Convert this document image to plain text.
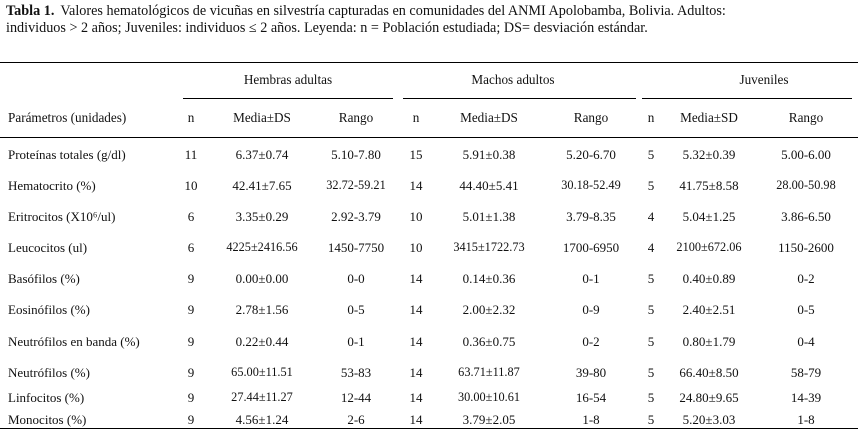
Tabla 1. Valores hematológicos de vicuñas en silvestría capturadas en comunidades del ANMI Apolobamba, Bolivia. Adultos:
individuos > 2 años; Juveniles: individuos ≤ 2 años. Leyenda: n = Población estudiada; DS= desviación estándar.
Hembras adultas	Machos adultos	Juveniles
Parámetros (unidades)	n	Media±DS	Rango	n	Media±DS	Rango	n Media±SD	Rango
Proteínas totales (g/dl)	11	6.37±0.74	5.10-7.80 15	5.91±0.38	5.20-6.70 5 5.32±0.39	5.00-6.00
Hematocrito (%)	10	42.41±7.65	32.72-59.21 14	44.40±5.41	30.18-52.49 5 41.75±8.58	28.00-50.98
Eritrocitos (X10⁶/ul)	6	3.35±0.29	2.92-3.79 10	5.01±1.38	3.79-8.35 4 5.04±1.25	3.86-6.50
Leucocitos (ul)	6	4225±2416.56 1450-7750 10	3415±1722.73	1700-6950 4 2100±672.06	1150-2600
Basófilos (%)	9	0.00±0.00	0-0	14	0.14±0.36	0-1	5 0.40±0.89	0-2
Eosinófilos (%)	9	2.78±1.56	0-5	14	2.00±2.32	0-9	5 2.40±2.51	0-5
Neutrófilos en banda (%)	9	0.22±0.44	0-1	14	0.36±0.75	0-2	5 0.80±1.79	0-4
Neutrófilos (%)	9	65.00±11.51	53-83	14	63.71±11.87	39-80	5 66.40±8.50	58-79
Linfocitos (%)	9	27.44±11.27	12-44	14	30.00±10.61	16-54	5 24.80±9.65	14-39
Monocitos (%)	9	4.56±1.24	2-6	14	3.79±2.05	1-8	5 5.20±3.03	1-8
